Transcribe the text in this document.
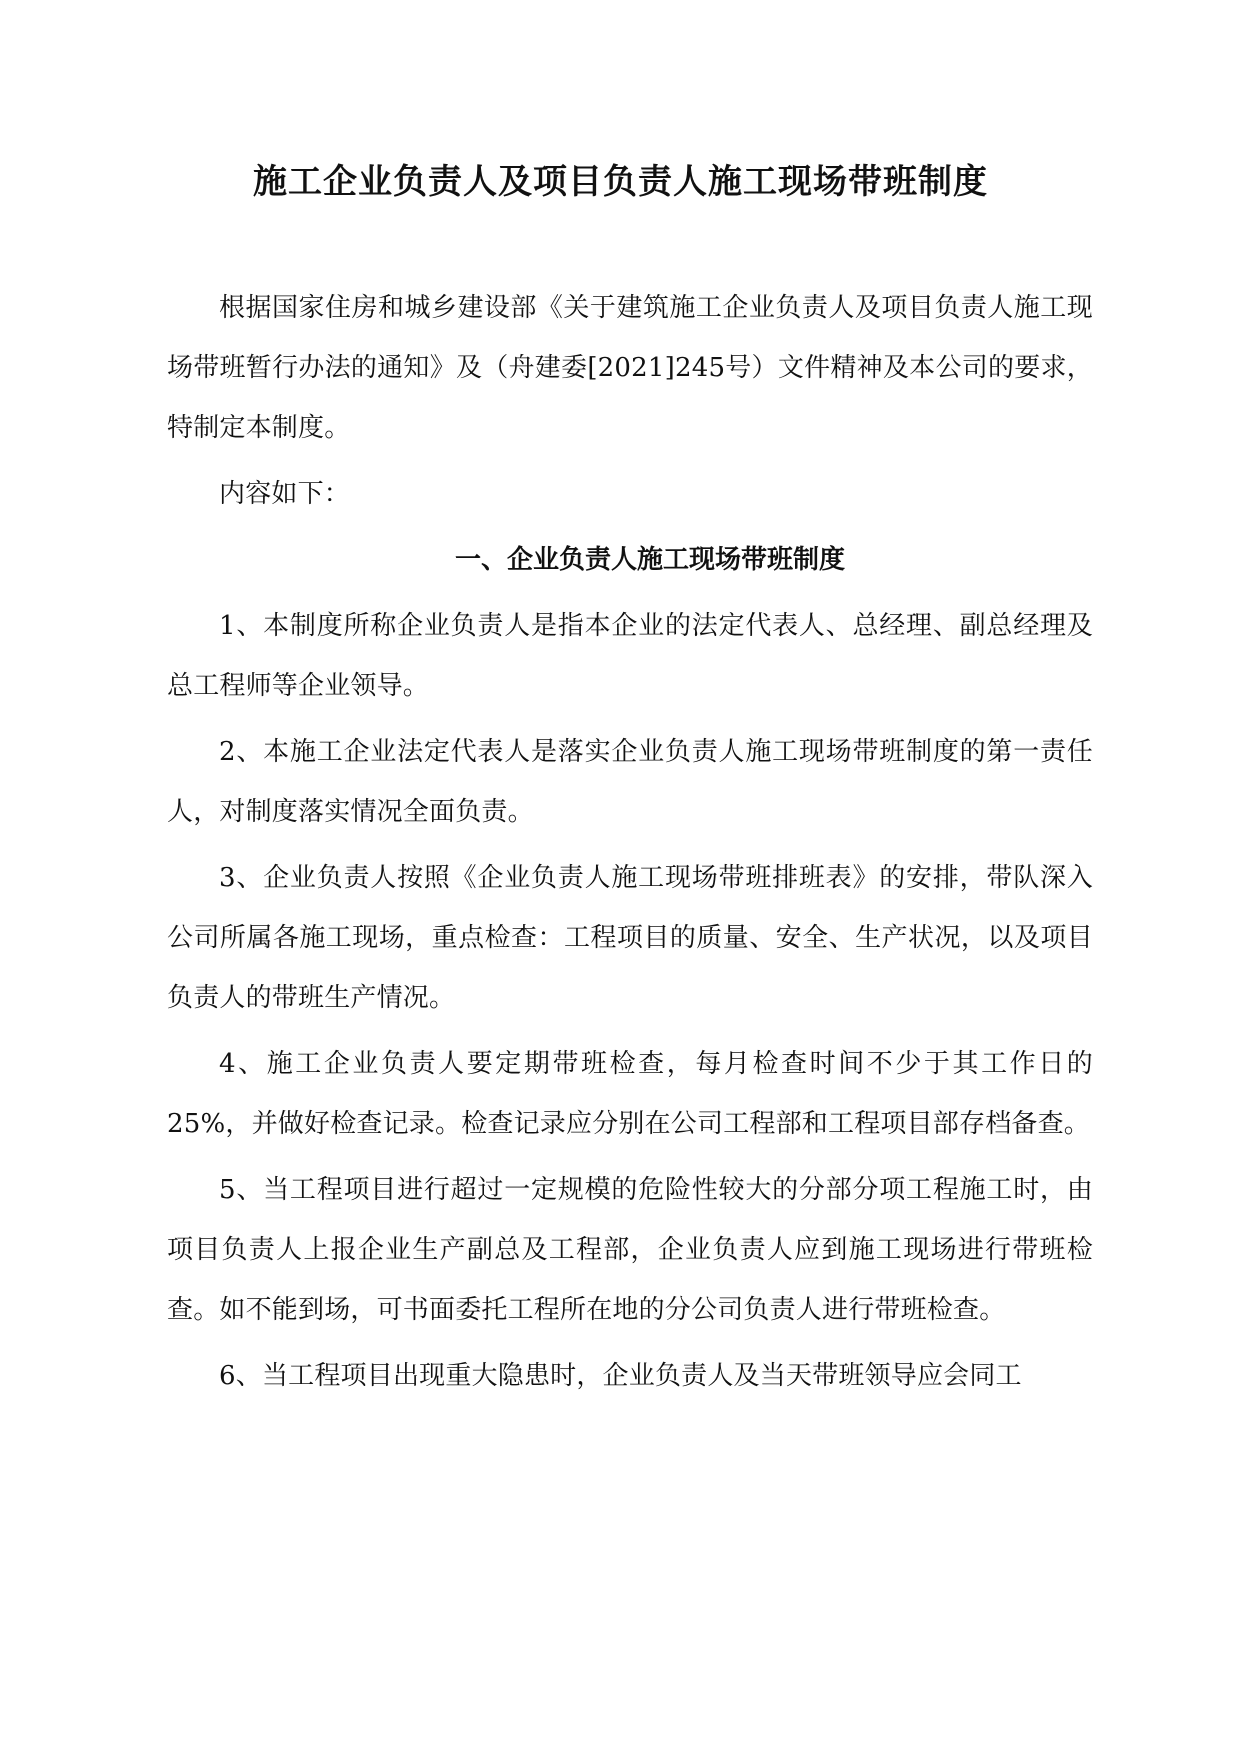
施工企业负责人及项目负责人施工现场带班制度

根据国家住房和城乡建设部《关于建筑施工企业负责人及项目负责人施工现场带班暂行办法的通知》及（舟建委[2021]245号）文件精神及本公司的要求，特制定本制度。

内容如下：

一、企业负责人施工现场带班制度

1、本制度所称企业负责人是指本企业的法定代表人、总经理、副总经理及总工程师等企业领导。

2、本施工企业法定代表人是落实企业负责人施工现场带班制度的第一责任人，对制度落实情况全面负责。

3、企业负责人按照《企业负责人施工现场带班排班表》的安排，带队深入公司所属各施工现场，重点检查：工程项目的质量、安全、生产状况，以及项目负责人的带班生产情况。

4、施工企业负责人要定期带班检查，每月检查时间不少于其工作日的25%，并做好检查记录。检查记录应分别在公司工程部和工程项目部存档备查。

5、当工程项目进行超过一定规模的危险性较大的分部分项工程施工时，由项目负责人上报企业生产副总及工程部，企业负责人应到施工现场进行带班检查。如不能到场，可书面委托工程所在地的分公司负责人进行带班检查。

6、当工程项目出现重大隐患时，企业负责人及当天带班领导应会同工
